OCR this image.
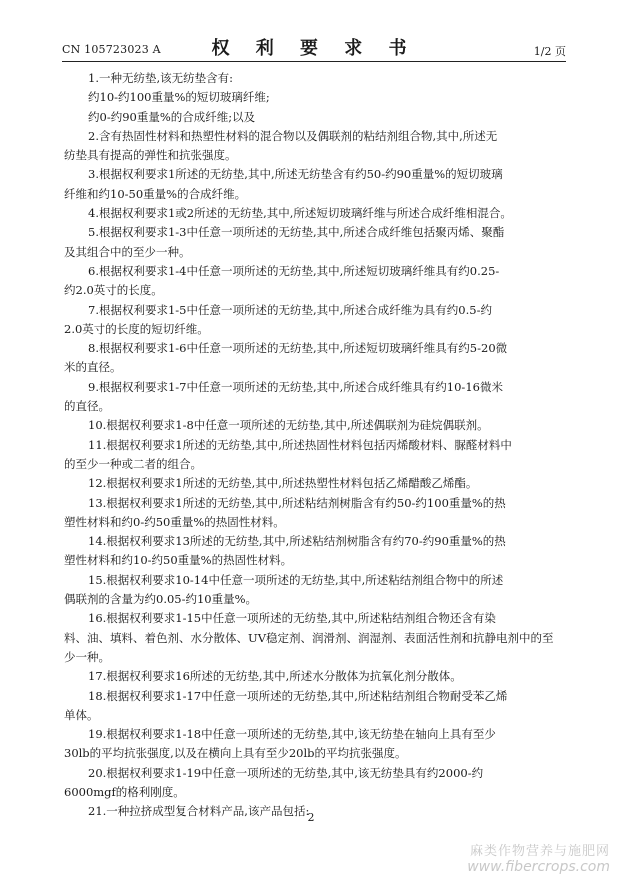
CN 105723023 A	权 利 要 求 书	1/2 页
1.一种无纺垫,该无纺垫含有:
约10-约100重量%的短切玻璃纤维;
约0-约90重量%的合成纤维;以及
2.含有热固性材料和热塑性材料的混合物以及偶联剂的粘结剂组合物,其中,所述无
纺垫具有提高的弹性和抗张强度。
3.根据权利要求1所述的无纺垫,其中,所述无纺垫含有约50-约90重量%的短切玻璃
纤维和约10-50重量%的合成纤维。
4.根据权利要求1或2所述的无纺垫,其中,所述短切玻璃纤维与所述合成纤维相混合。
5.根据权利要求1-3中任意一项所述的无纺垫,其中,所述合成纤维包括聚丙烯、聚酯
及其组合中的至少一种。
6.根据权利要求1-4中任意一项所述的无纺垫,其中,所述短切玻璃纤维具有约0.25-
约2.0英寸的长度。
7.根据权利要求1-5中任意一项所述的无纺垫,其中,所述合成纤维为具有约0.5-约
2.0英寸的长度的短切纤维。
8.根据权利要求1-6中任意一项所述的无纺垫,其中,所述短切玻璃纤维具有约5-20微
米的直径。
9.根据权利要求1-7中任意一项所述的无纺垫,其中,所述合成纤维具有约10-16微米
的直径。
10.根据权利要求1-8中任意一项所述的无纺垫,其中,所述偶联剂为硅烷偶联剂。
11.根据权利要求1所述的无纺垫,其中,所述热固性材料包括丙烯酸材料、脲醛材料中
的至少一种或二者的组合。
12.根据权利要求1所述的无纺垫,其中,所述热塑性材料包括乙烯醋酸乙烯酯。
13.根据权利要求1所述的无纺垫,其中,所述粘结剂树脂含有约50-约100重量%的热
塑性材料和约0-约50重量%的热固性材料。
14.根据权利要求13所述的无纺垫,其中,所述粘结剂树脂含有约70-约90重量%的热
塑性材料和约10-约50重量%的热固性材料。
15.根据权利要求10-14中任意一项所述的无纺垫,其中,所述粘结剂组合物中的所述
偶联剂的含量为约0.05-约10重量%。
16.根据权利要求1-15中任意一项所述的无纺垫,其中,所述粘结剂组合物还含有染
料、油、填料、着色剂、水分散体、UV稳定剂、润滑剂、润湿剂、表面活性剂和抗静电剂中的至
少一种。
17.根据权利要求16所述的无纺垫,其中,所述水分散体为抗氧化剂分散体。
18.根据权利要求1-17中任意一项所述的无纺垫,其中,所述粘结剂组合物耐受苯乙烯
单体。
19.根据权利要求1-18中任意一项所述的无纺垫,其中,该无纺垫在轴向上具有至少
30lb的平均抗张强度,以及在横向上具有至少20lb的平均抗张强度。
20.根据权利要求1-19中任意一项所述的无纺垫,其中,该无纺垫具有约2000-约
6000mgf的格利刚度。
21.一种拉挤成型复合材料产品,该产品包括:
2
麻类作物营养与施肥网
www.fibercrops.com
